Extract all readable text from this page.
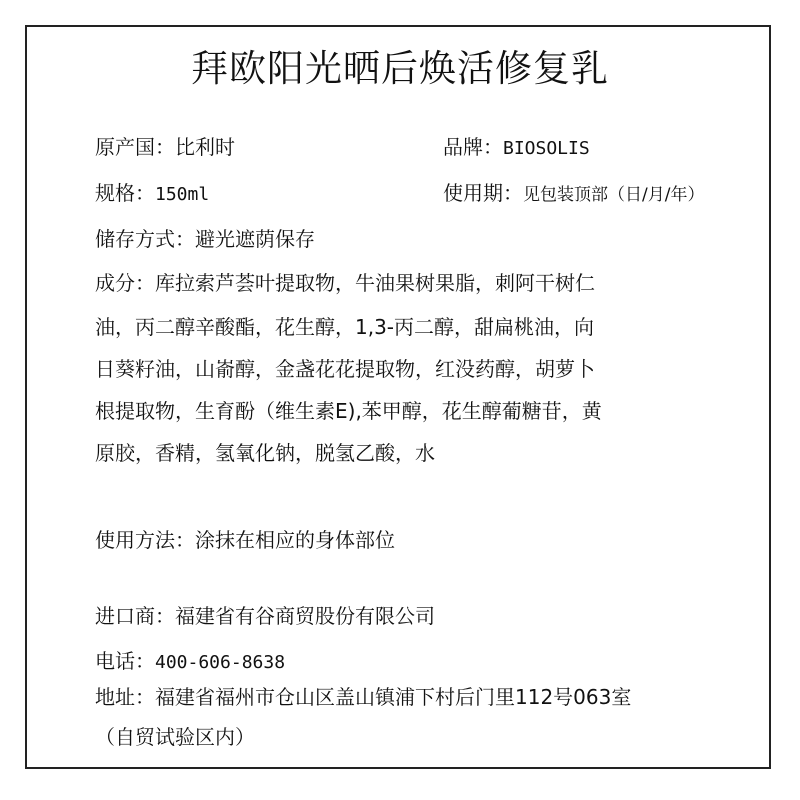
拜欧阳光晒后焕活修复乳
原产国：比利时	品牌：BIOSOLIS
规格：150ml	使用期：见包装顶部（日/月/年）
储存方式：避光遮荫保存
成分：库拉索芦荟叶提取物，牛油果树果脂，刺阿干树仁
油，丙二醇辛酸酯，花生醇，1,3-丙二醇，甜扁桃油，向
日葵籽油，山嵛醇，金盏花花提取物，红没药醇，胡萝卜
根提取物，生育酚（维生素E),苯甲醇，花生醇葡糖苷，黄
原胶，香精，氢氧化钠，脱氢乙酸，水
使用方法：涂抹在相应的身体部位
进口商：福建省有谷商贸股份有限公司
电话：400-606-8638
地址：福建省福州市仓山区盖山镇浦下村后门里112号063室
（自贸试验区内）
